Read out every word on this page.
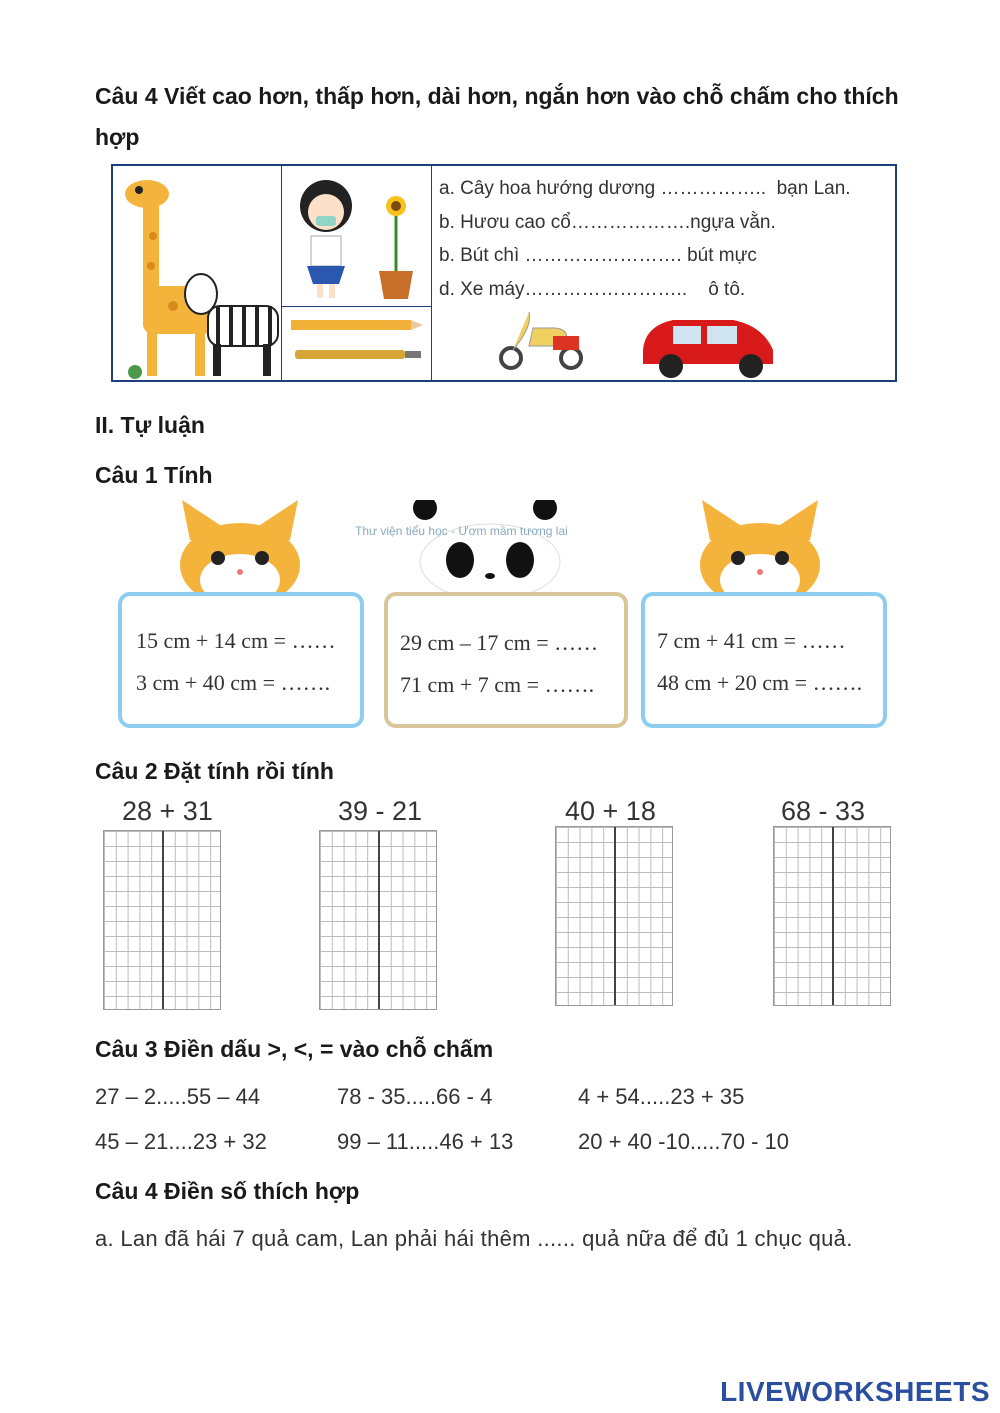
Câu 4 Viết cao hơn, thấp hơn, dài hơn, ngắn hơn vào chỗ chấm cho thích hợp
a. Cây hoa hướng dương ……………..  bạn Lan.
b. Hươu cao cổ……………….ngựa vằn.
b. Bút chì ……………………. bút mực
d. Xe máy……………………..    ô tô.
II. Tự luận
Câu 1 Tính
Thư viện tiểu học - Ươm mầm tương lai
15 cm + 14 cm = ……
3 cm + 40 cm = …….
29 cm – 17 cm = ……
71 cm + 7 cm = …….
7 cm + 41 cm = ……
48 cm + 20 cm = …….
Câu 2 Đặt tính rồi tính
28 + 31	39 - 21	40 + 18	68 - 33
Câu 3 Điền dấu >, <, = vào chỗ chấm
27 – 2.....55 – 44	78 - 35.....66 - 4	4 + 54.....23 + 35
45 – 21....23 + 32	99 – 11.....46 + 13	20 + 40 -10.....70 - 10
Câu 4 Điền số thích hợp
a. Lan đã hái 7 quả cam, Lan phải hái thêm ...... quả nữa để đủ 1 chục quả.
LIVEWORKSHEETS
